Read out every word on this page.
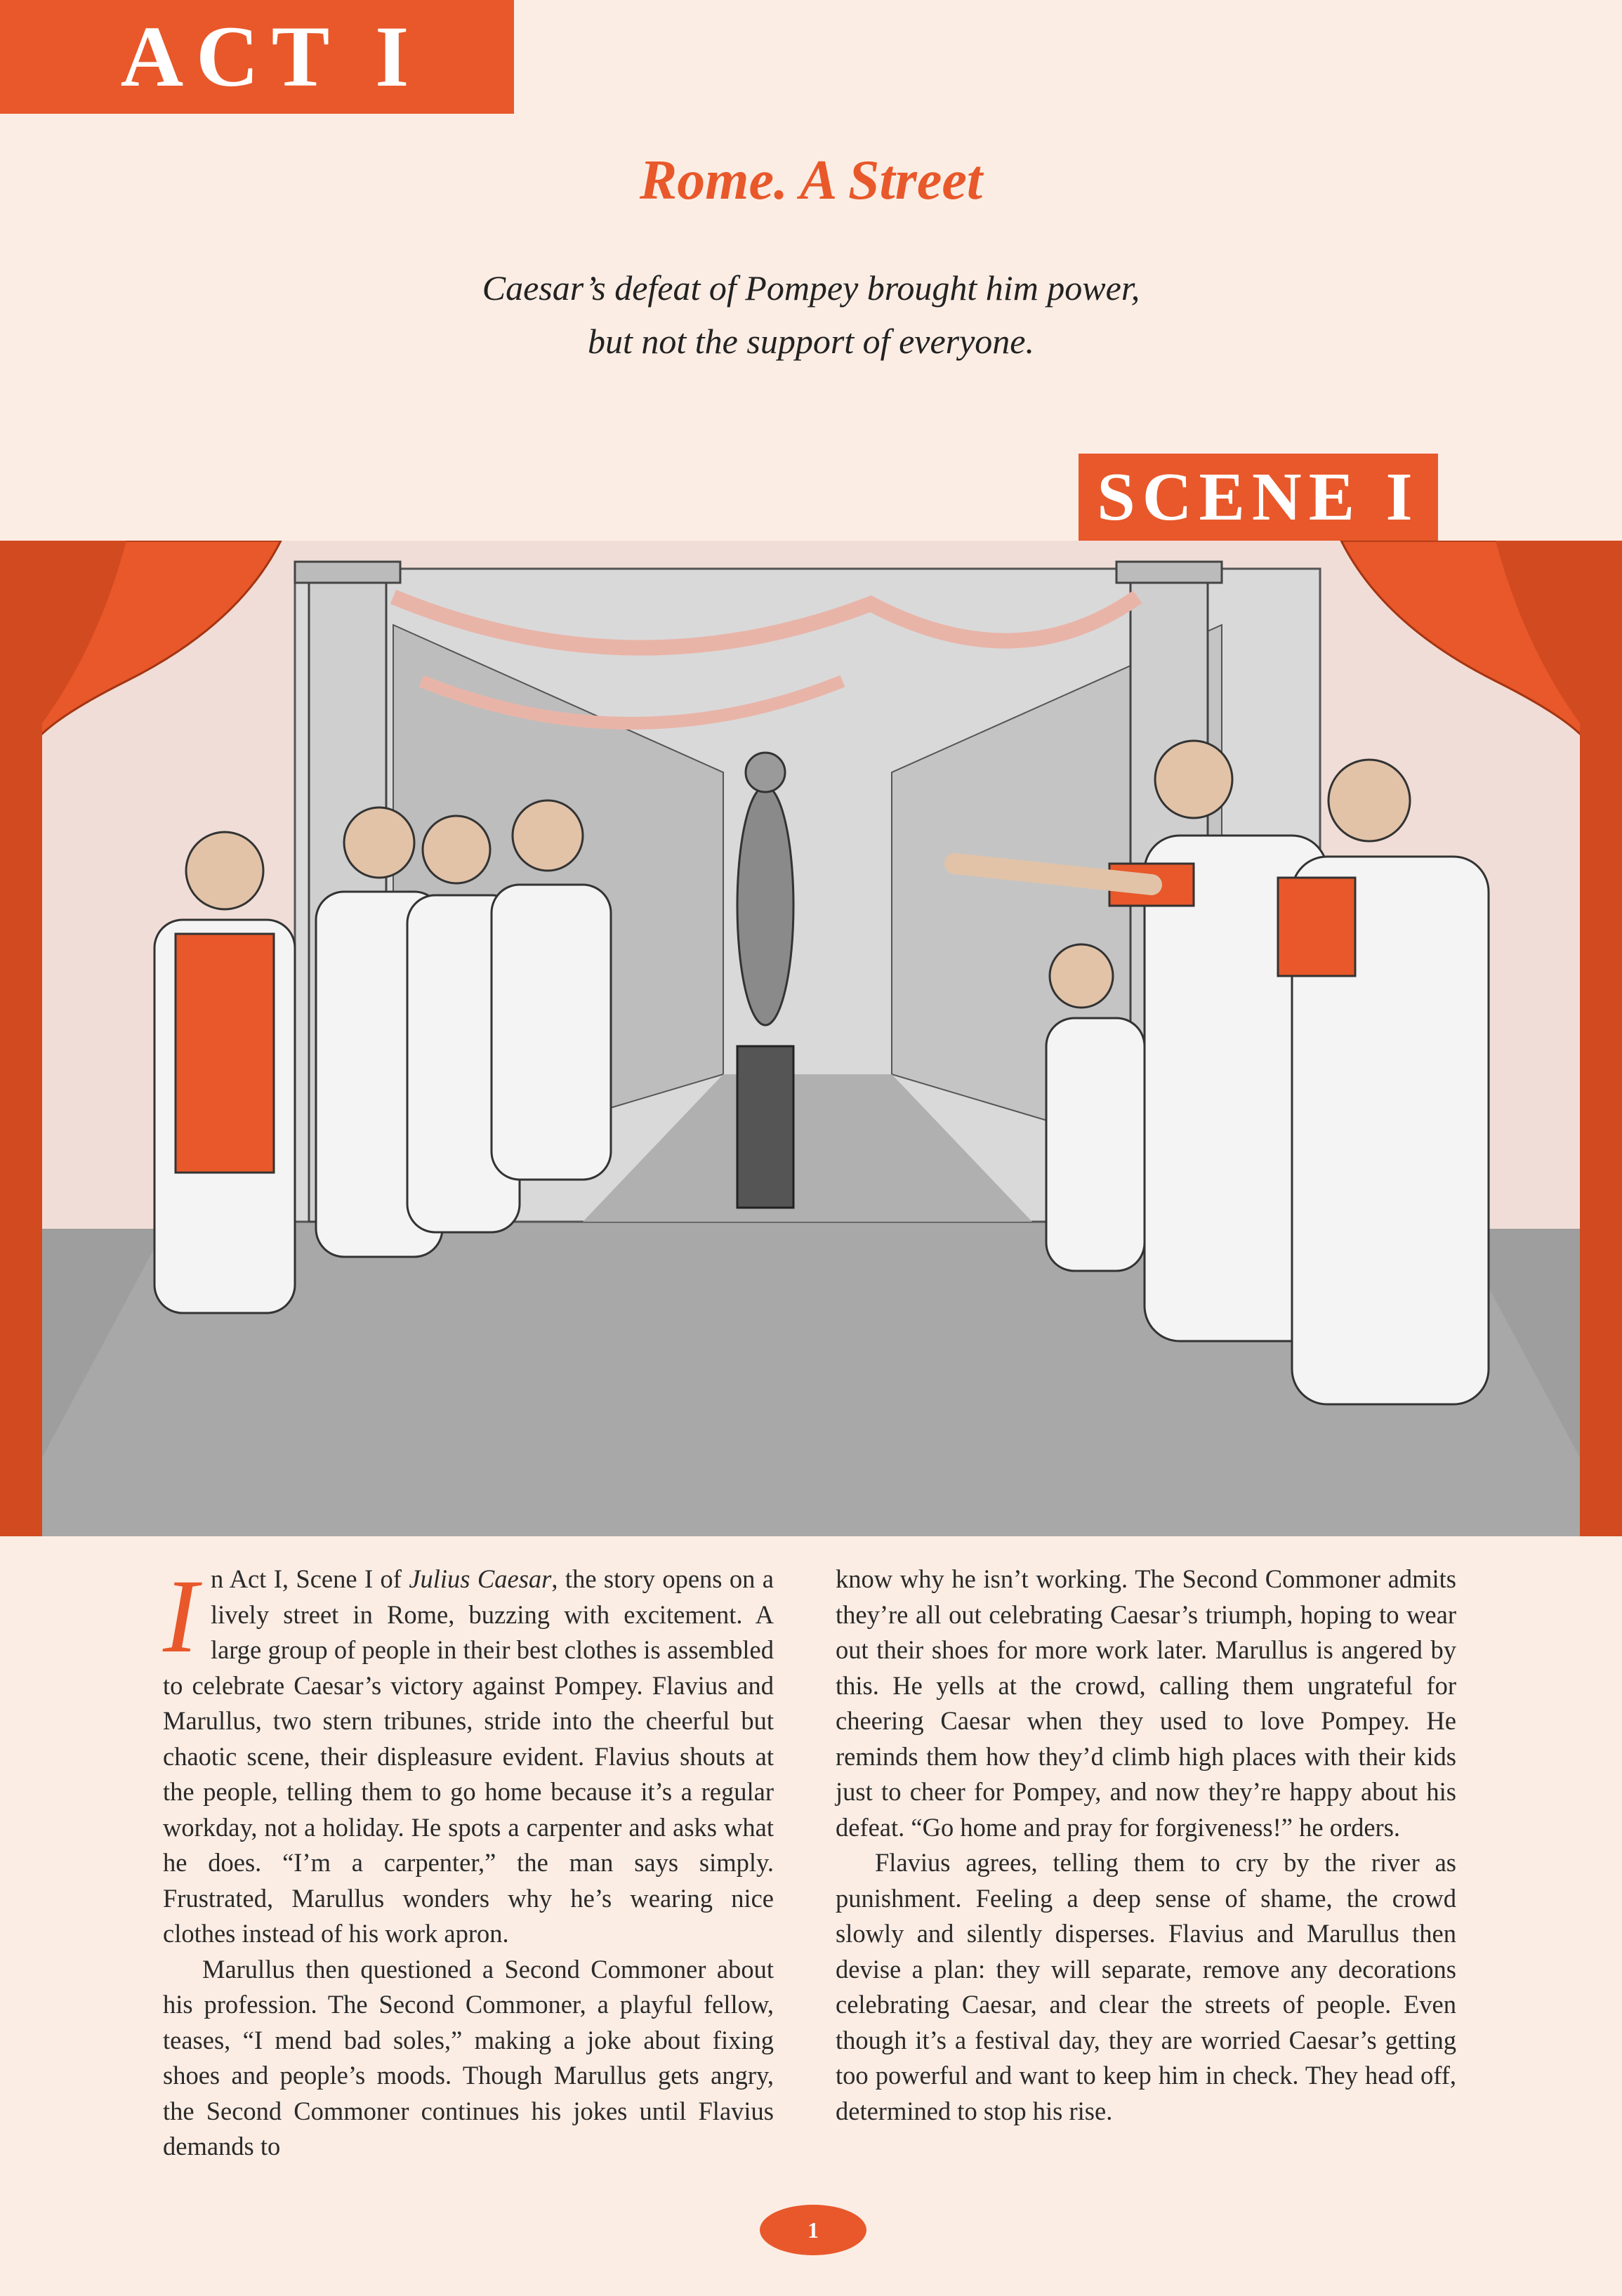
ACT I
Rome. A Street
Caesar’s defeat of Pompey brought him power,
but not the support of everyone.
SCENE I

In Act I, Scene I of Julius Caesar, the story opens on a lively street in Rome, buzzing with excitement. A large group of people in their best clothes is assembled to celebrate Caesar’s victory against Pompey. Flavius and Marullus, two stern tribunes, stride into the cheerful but chaotic scene, their displeasure evident. Flavius shouts at the people, telling them to go home because it’s a regular workday, not a holiday. He spots a carpenter and asks what he does. “I’m a carpenter,” the man says simply. Frustrated, Marullus wonders why he’s wearing nice clothes instead of his work apron.

Marullus then questioned a Second Commoner about his profession. The Second Commoner, a playful fellow, teases, “I mend bad soles,” making a joke about fixing shoes and people’s moods. Though Marullus gets angry, the Second Commoner continues his jokes until Flavius demands to

know why he isn’t working. The Second Commoner admits they’re all out celebrating Caesar’s triumph, hoping to wear out their shoes for more work later. Marullus is angered by this. He yells at the crowd, calling them ungrateful for cheering Caesar when they used to love Pompey. He reminds them how they’d climb high places with their kids just to cheer for Pompey, and now they’re happy about his defeat. “Go home and pray for forgiveness!” he orders.

Flavius agrees, telling them to cry by the river as punishment. Feeling a deep sense of shame, the crowd slowly and silently disperses. Flavius and Marullus then devise a plan: they will separate, remove any decorations celebrating Caesar, and clear the streets of people. Even though it’s a festival day, they are worried Caesar’s getting too powerful and want to keep him in check. They head off, determined to stop his rise.

1
